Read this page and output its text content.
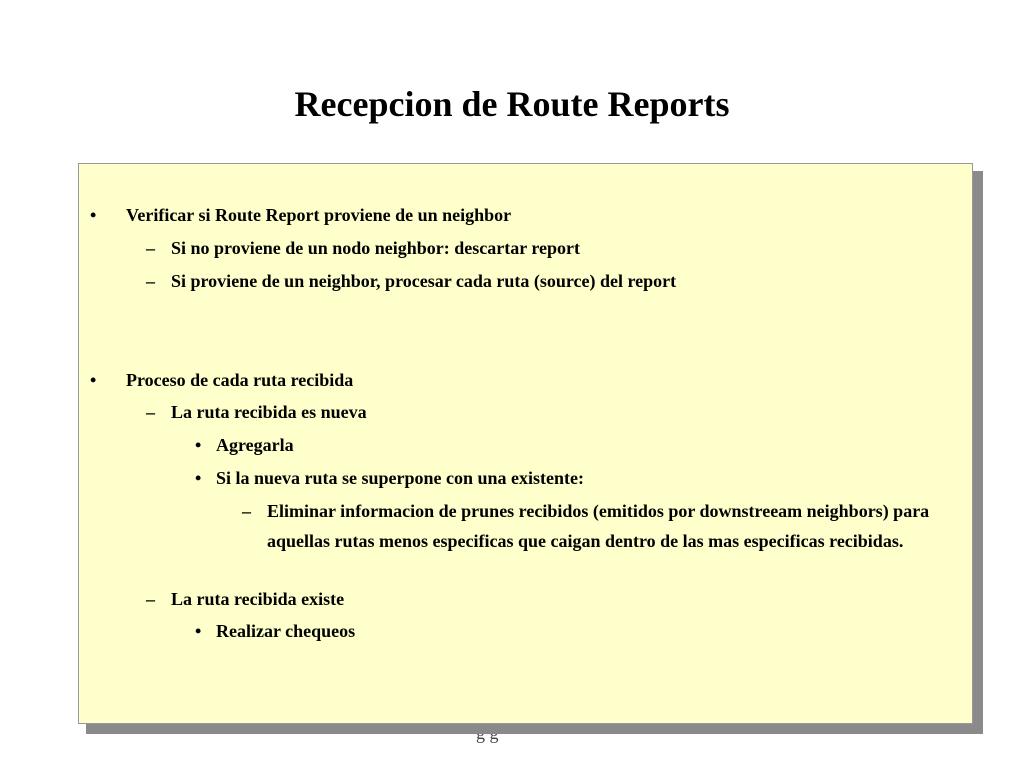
Recepcion de Route Reports
• Verificar si Route Report proviene de un neighbor
– Si no proviene de un nodo neighbor: descartar report
– Si proviene de un neighbor, procesar cada ruta (source) del report
• Proceso de cada ruta recibida
– La ruta recibida es nueva
• Agregarla
• Si la nueva ruta se superpone con una existente:
– Eliminar informacion de prunes recibidos (emitidos por downstreeam neighbors) para aquellas rutas menos especificas que caigan dentro de las mas especificas recibidas.
– La ruta recibida existe
• Realizar chequeos
